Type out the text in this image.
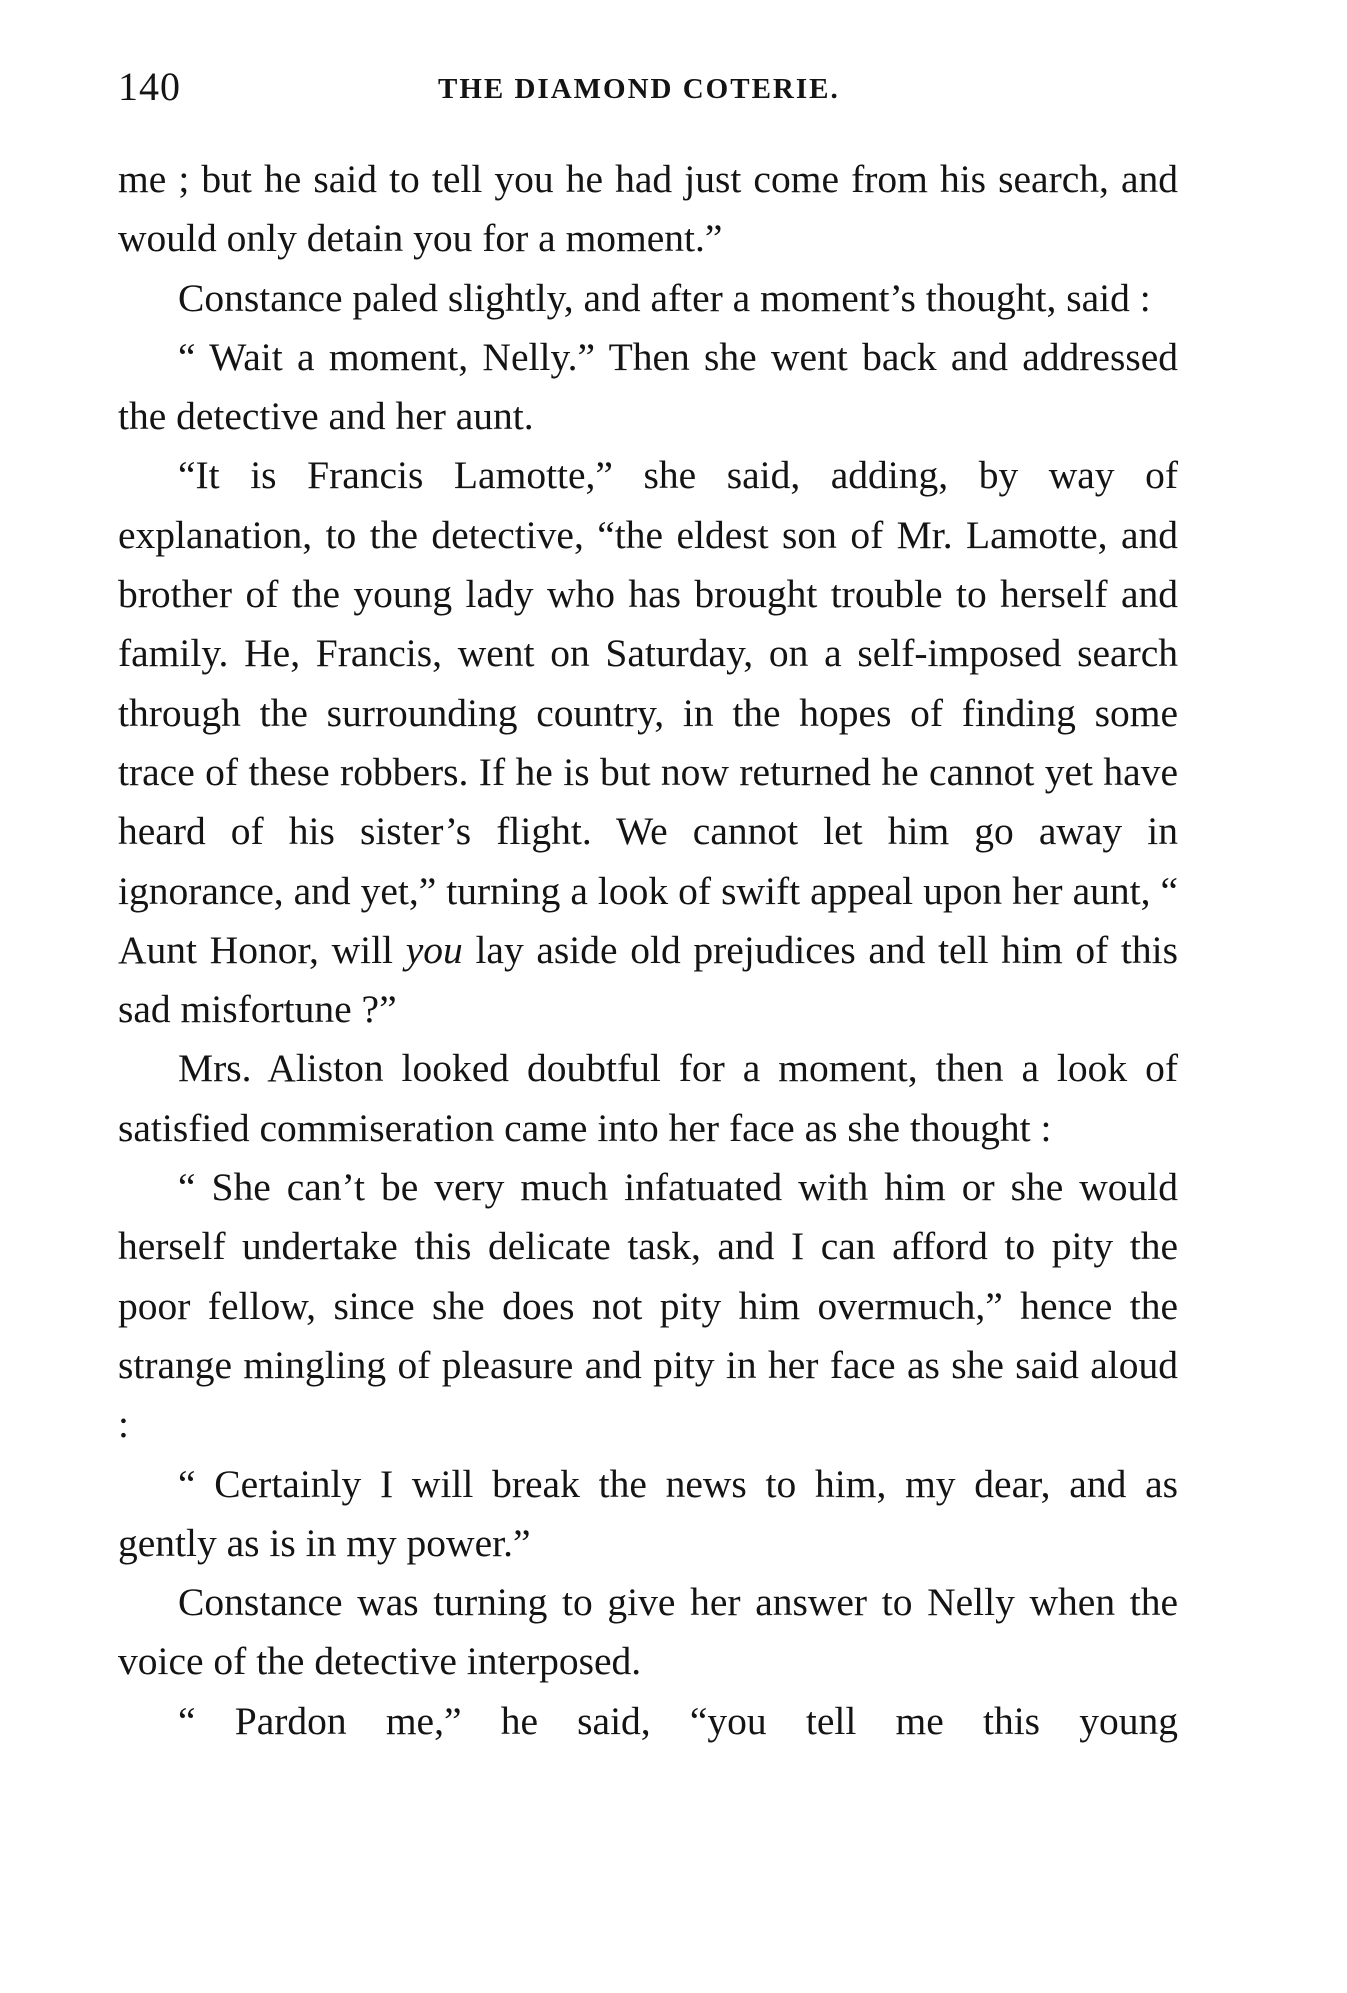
140	THE DIAMOND COTERIE.

me ; but he said to tell you he had just come from his search, and would only detain you for a moment.”

Constance paled slightly, and after a moment’s thought, said :

“ Wait a moment, Nelly.” Then she went back and addressed the detective and her aunt.

“It is Francis Lamotte,” she said, adding, by way of explanation, to the detective, “the eldest son of Mr. Lamotte, and brother of the young lady who has brought trouble to herself and family. He, Francis, went on Saturday, on a self-imposed search through the surrounding country, in the hopes of finding some trace of these robbers. If he is but now returned he cannot yet have heard of his sister’s flight. We cannot let him go away in ignorance, and yet,” turning a look of swift appeal upon her aunt, “ Aunt Honor, will you lay aside old prejudices and tell him of this sad misfortune ?”

Mrs. Aliston looked doubtful for a moment, then a look of satisfied commiseration came into her face as she thought :

“ She can’t be very much infatuated with him or she would herself undertake this delicate task, and I can afford to pity the poor fellow, since she does not pity him overmuch,” hence the strange mingling of pleasure and pity in her face as she said aloud :

“ Certainly I will break the news to him, my dear, and as gently as is in my power.”

Constance was turning to give her answer to Nelly when the voice of the detective interposed.

“ Pardon me,” he said, “you tell me this young
